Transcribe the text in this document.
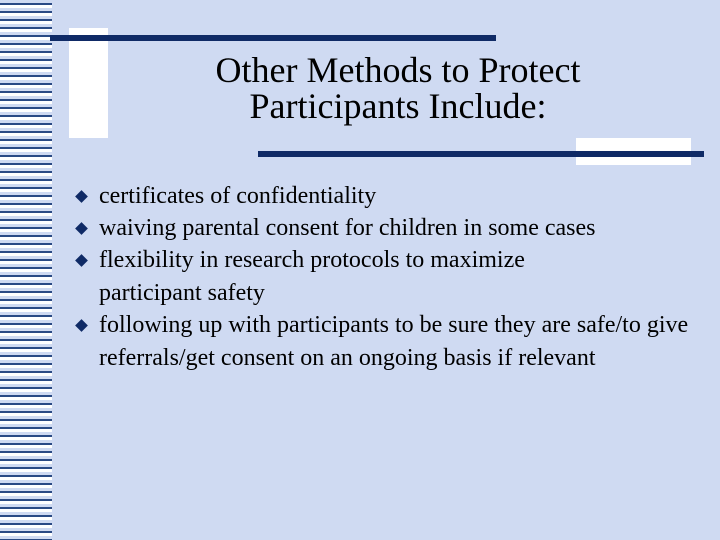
Other Methods to Protect
Participants Include:
certificates of confidentiality
waiving parental consent for children in some cases
flexibility in research protocols to maximize participant safety
following up with participants to be sure they are safe/to give referrals/get consent on an ongoing basis if relevant
